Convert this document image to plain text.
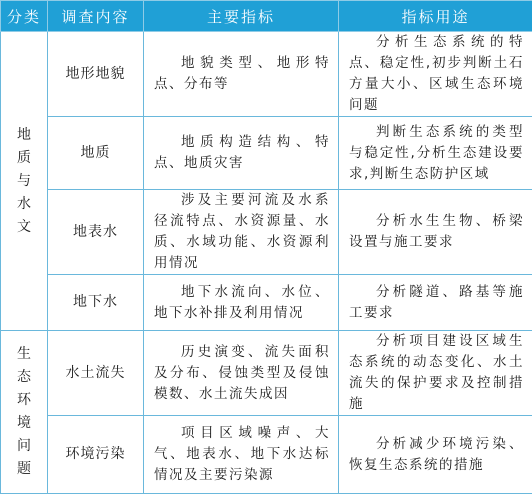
分类	调查内容	主要指标	指标用途

地质与水文	地形地貌	地貌类型、地形特点、分布等	分析生态系统的特点、稳定性,初步判断土石方量大小、区域生态环境问题
	地质	地质构造结构、特点、地质灾害	判断生态系统的类型与稳定性,分析生态建设要求,判断生态防护区域
	地表水	涉及主要河流及水系径流特点、水资源量、水质、水域功能、水资源利用情况	分析水生生物、桥梁设置与施工要求
	地下水	地下水流向、水位、地下水补排及利用情况	分析隧道、路基等施工要求

生态环境问题	水土流失	历史演变、流失面积及分布、侵蚀类型及侵蚀模数、水土流失成因	分析项目建设区域生态系统的动态变化、水土流失的保护要求及控制措施
	环境污染	项目区域噪声、大气、地表水、地下水达标情况及主要污染源	分析减少环境污染、恢复生态系统的措施
